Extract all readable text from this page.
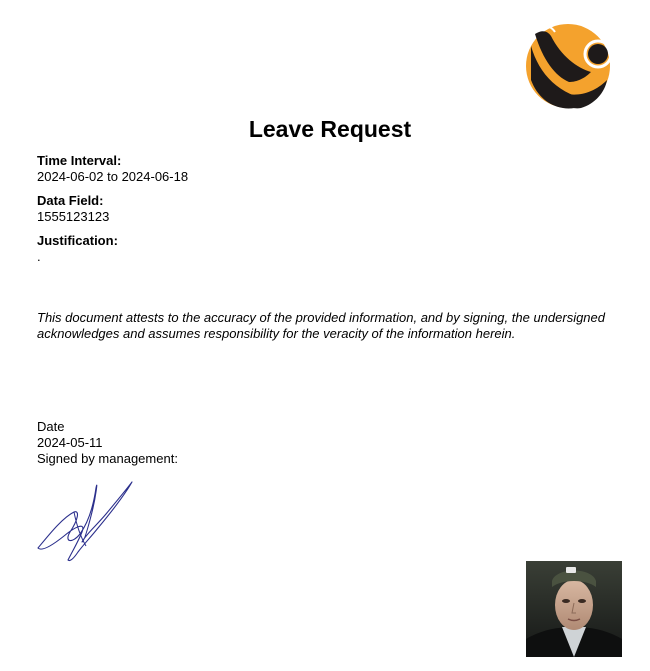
Leave Request
Time Interval:
2024-06-02 to 2024-06-18
Data Field:
1555123123
Justification:
.

This document attests to the accuracy of the provided information, and by signing, the undersigned acknowledges and assumes responsibility for the veracity of the information herein.

Date
2024-05-11
Signed by management:
